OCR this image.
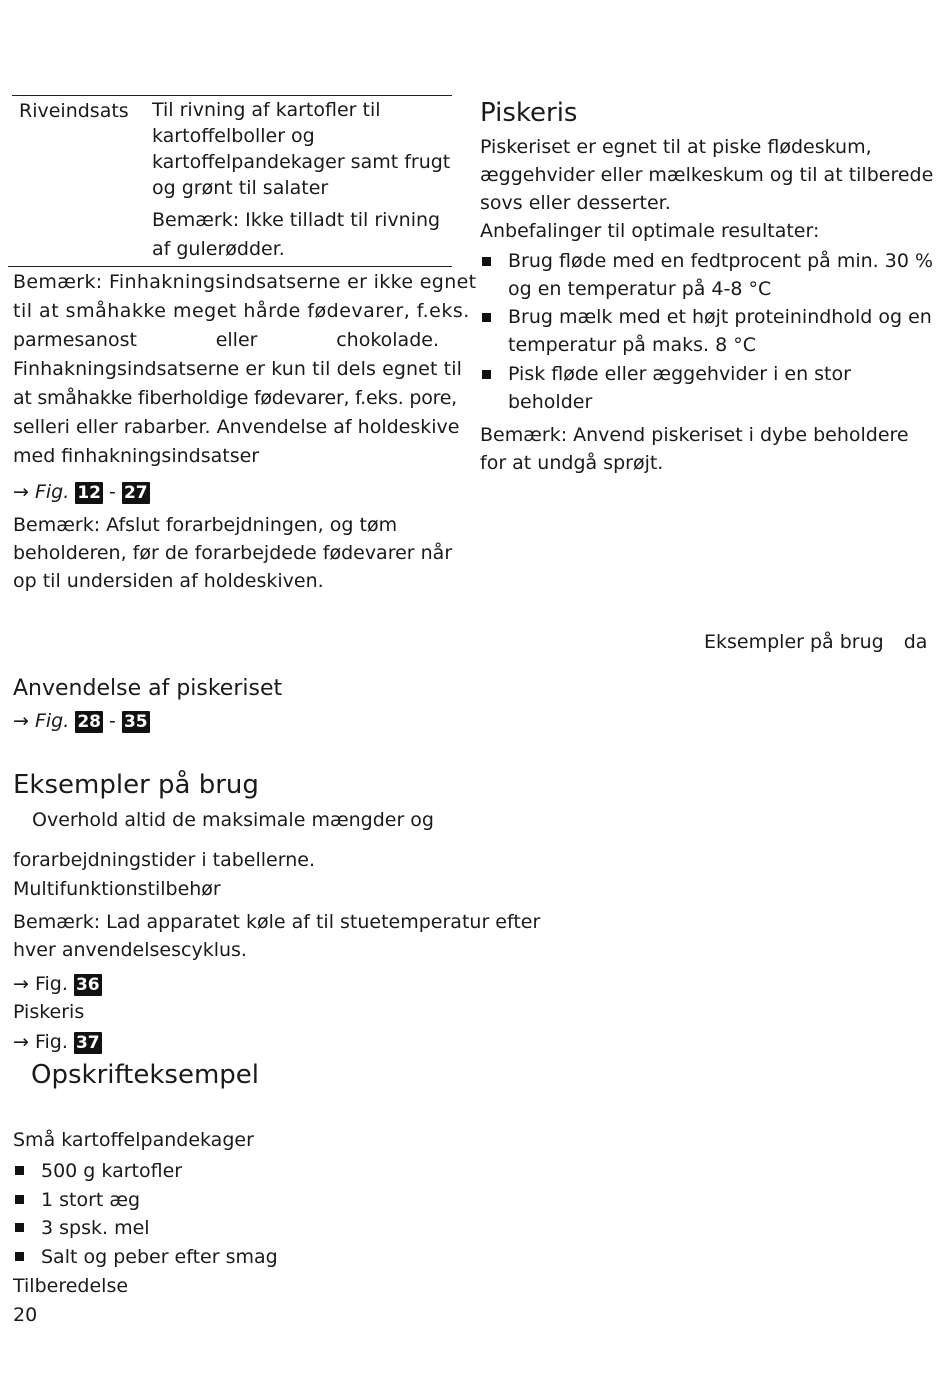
Riveindsats Til rivning af kartofler til
kartoffelboller og
kartoffelpandekager samt frugt
og grønt til salater
Bemærk: Ikke tilladt til rivning
af gulerødder.
Bemærk: Finhakningsindsatserne er ikke egnet
til at småhakke meget hårde fødevarer, f.eks.
parmesanost	eller	chokolade.
Finhakningsindsatserne er kun til dels egnet til
at småhakke fiberholdige fødevarer, f.eks. pore,
selleri eller rabarber. Anvendelse af holdeskive
med finhakningsindsatser
→ Fig. 12 - 27
Bemærk: Afslut forarbejdningen, og tøm
beholderen, før de forarbejdede fødevarer når
op til undersiden af holdeskiven.
Piskeris
Piskeriset er egnet til at piske flødeskum,
æggehvider eller mælkeskum og til at tilberede
sovs eller desserter.
Anbefalinger til optimale resultater:
Brug fløde med en fedtprocent på min. 30 %
og en temperatur på 4-8 °C
Brug mælk med et højt proteinindhold og en
temperatur på maks. 8 °C
Pisk fløde eller æggehvider i en stor
beholder
Bemærk: Anvend piskeriset i dybe beholdere
for at undgå sprøjt.
Eksempler på brug da
Anvendelse af piskeriset
→ Fig. 28 - 35
Eksempler på brug
Overhold altid de maksimale mængder og
forarbejdningstider i tabellerne.
Multifunktionstilbehør
Bemærk: Lad apparatet køle af til stuetemperatur efter
hver anvendelsescyklus.
→ Fig. 36
Piskeris
→ Fig. 37
Opskrifteksempel
Små kartoffelpandekager
500 g kartofler
1 stort æg
3 spsk. mel
Salt og peber efter smag
Tilberedelse
20
